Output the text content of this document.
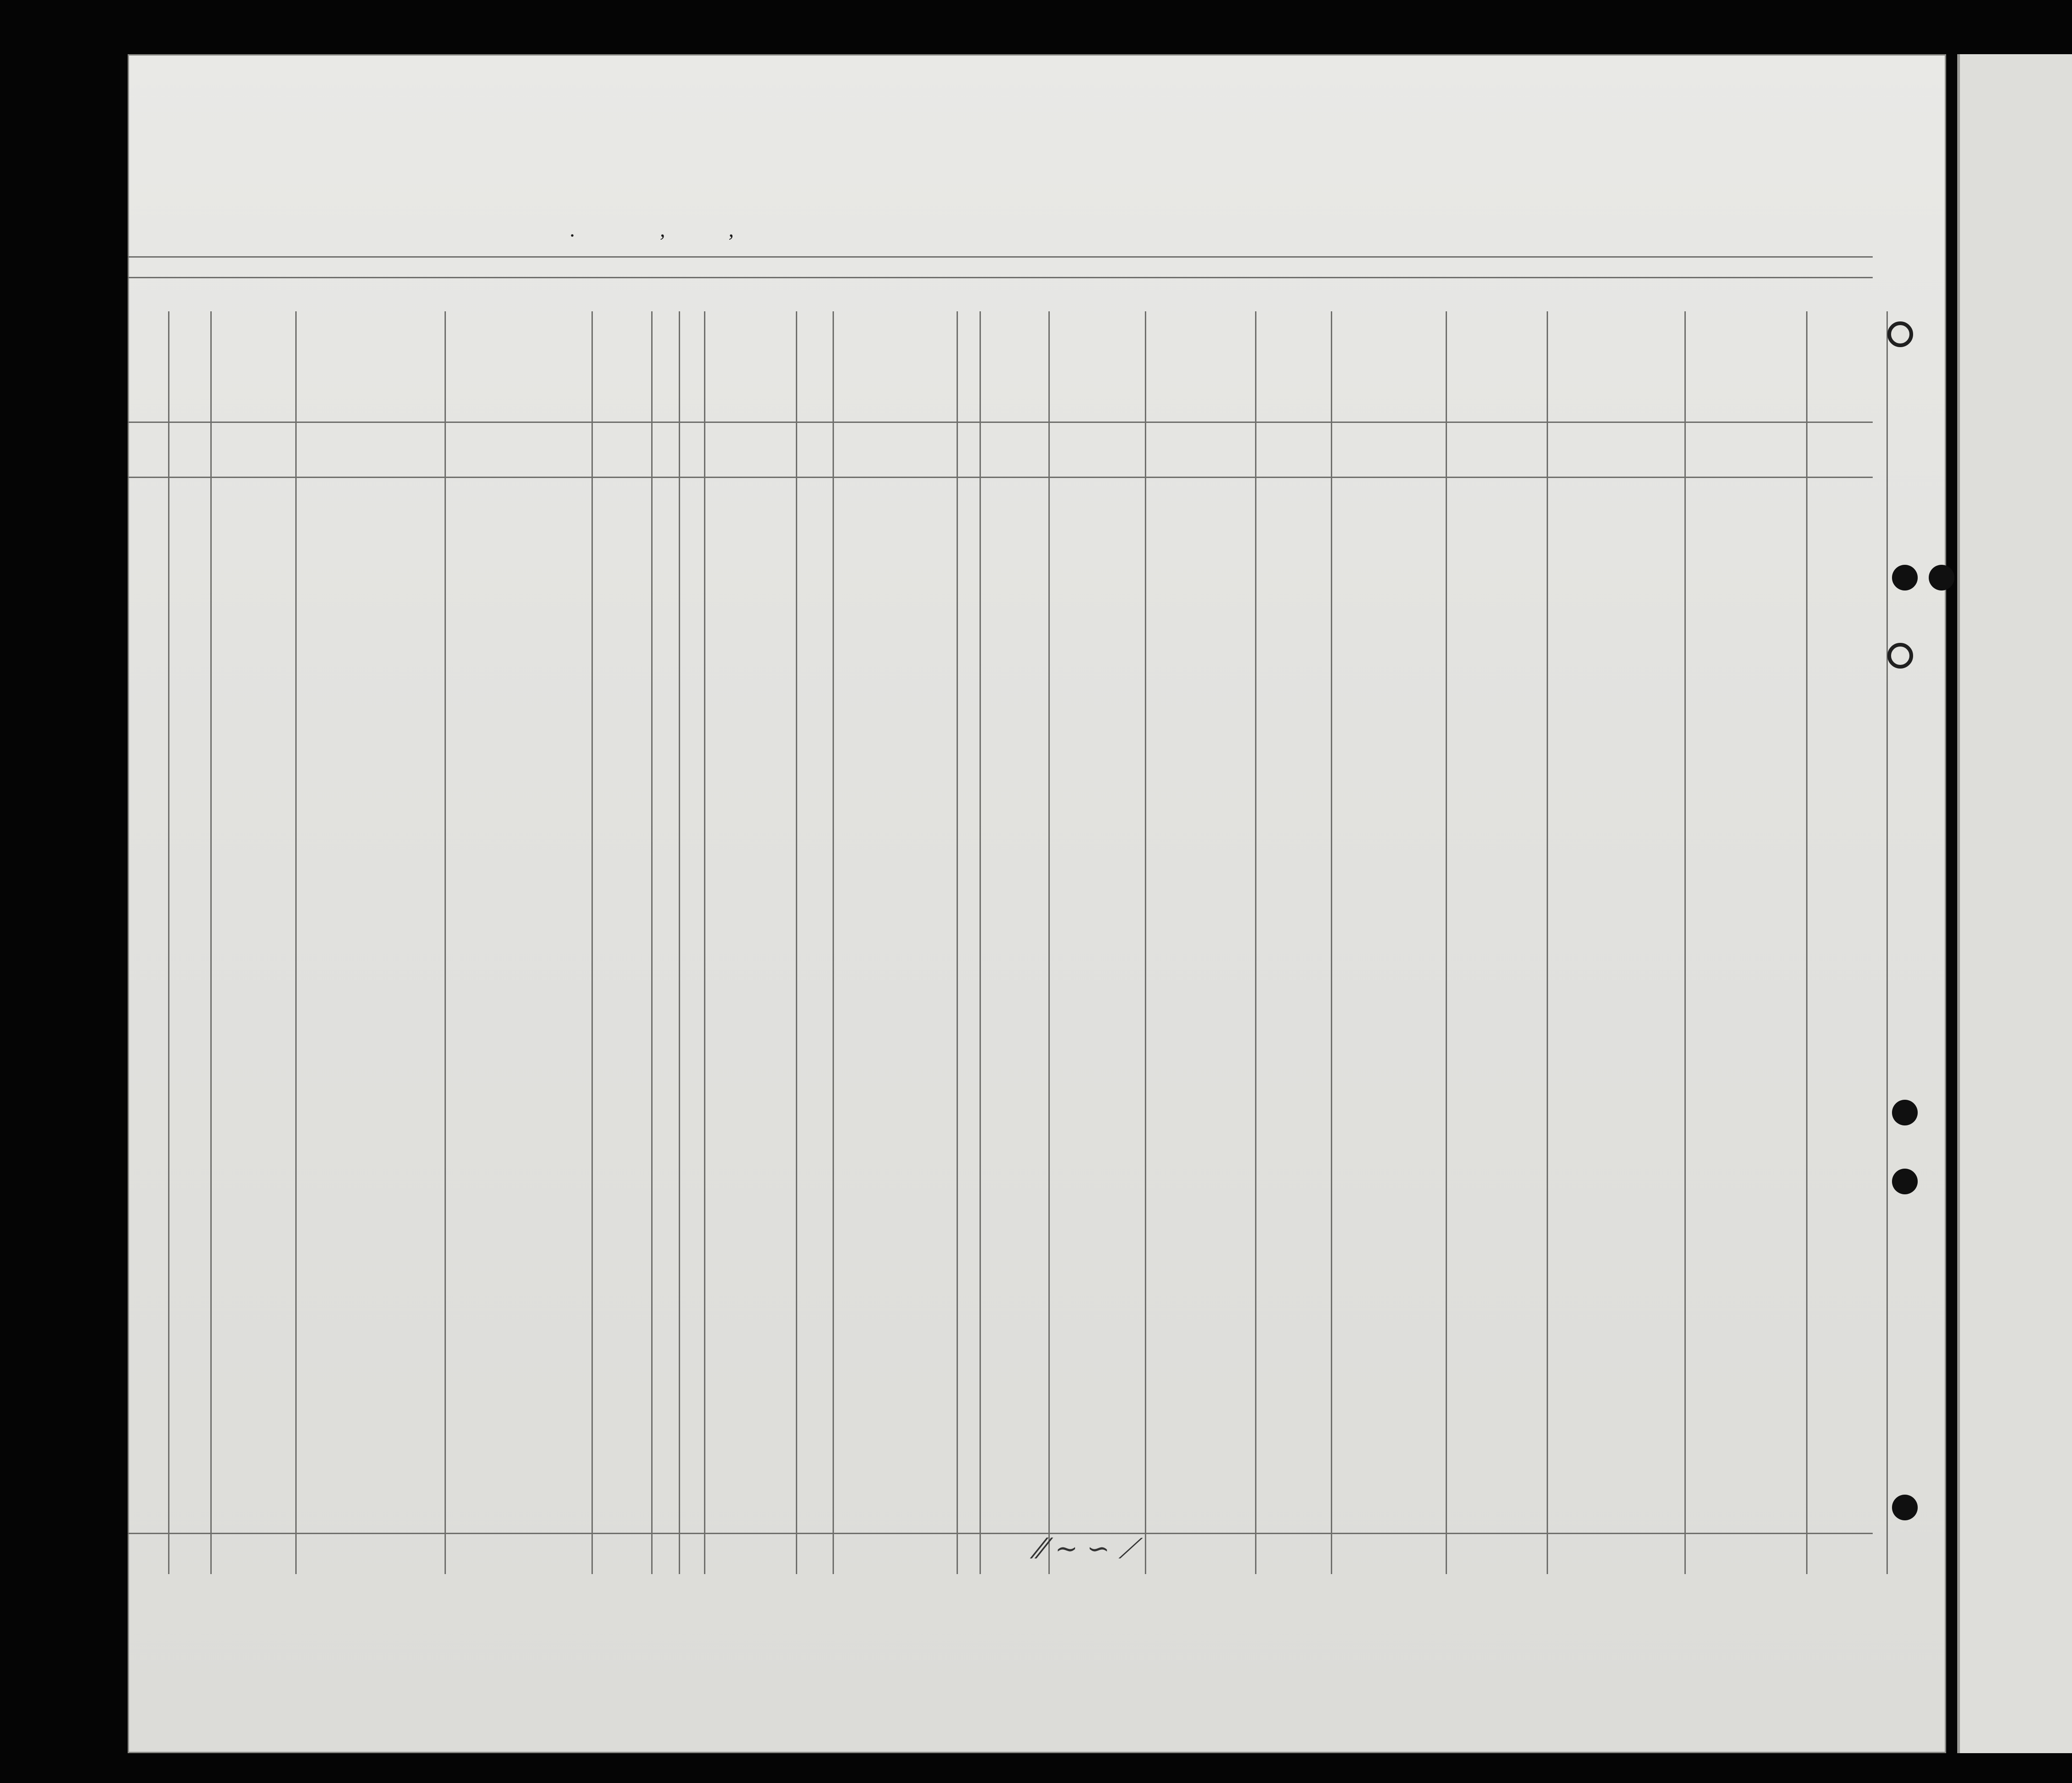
.                ,            ,
⁄⁄ ∼ ∽ ⟋
